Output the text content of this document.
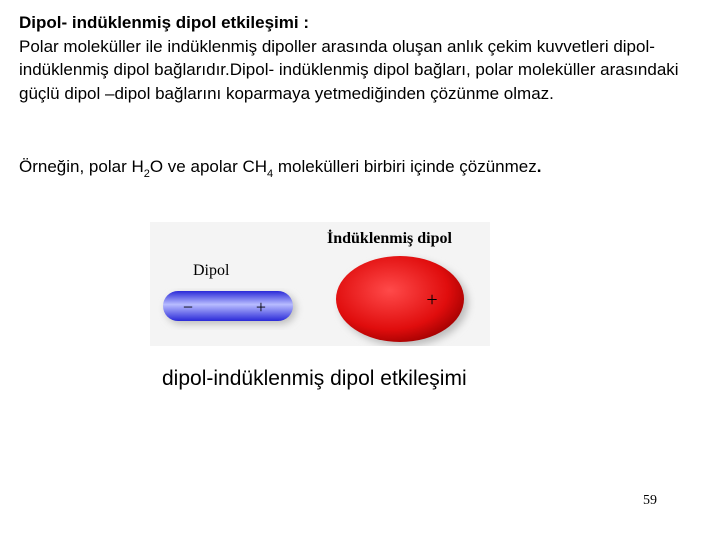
Dipol- indüklenmiş dipol etkileşimi :
Polar moleküller ile indüklenmiş dipoller arasında oluşan anlık çekim kuvvetleri dipol- indüklenmiş dipol bağlarıdır.Dipol- indüklenmiş dipol bağları, polar moleküller arasındaki güçlü dipol –dipol bağlarını koparmaya yetmediğinden çözünme olmaz.
Örneğin, polar $H_2O$ ve apolar $CH_4$ molekülleri birbiri içinde çözünmez.
−	+	+
Dipol
İndüklenmiş dipol
dipol-indüklenmiş dipol etkileşimi
59
